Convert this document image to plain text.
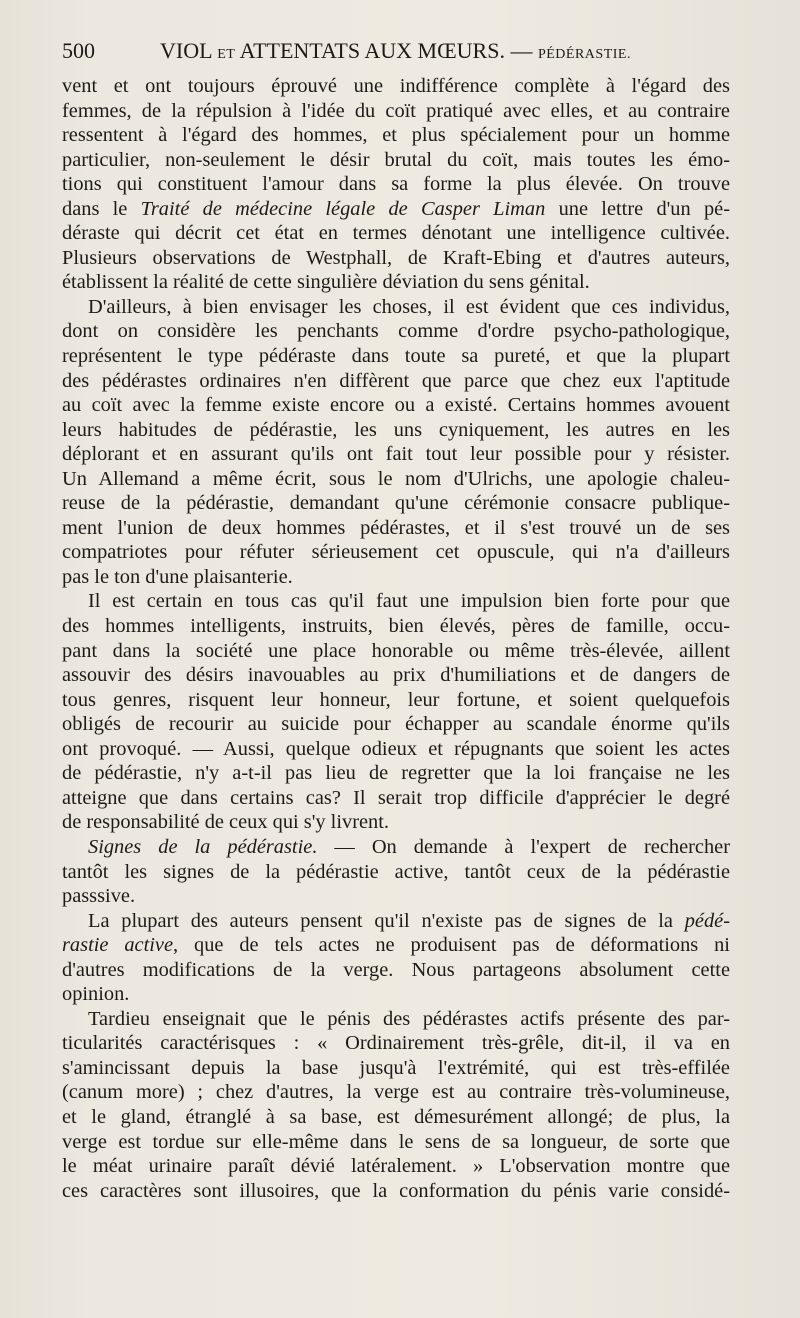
500	VIOL ET ATTENTATS AUX MŒURS. — PÉDÉRASTIE.
vent et ont toujours éprouvé une indifférence complète à l'égard des
femmes, de la répulsion à l'idée du coït pratiqué avec elles, et au contraire
ressentent à l'égard des hommes, et plus spécialement pour un homme
particulier, non-seulement le désir brutal du coït, mais toutes les émo-
tions qui constituent l'amour dans sa forme la plus élevée. On trouve
dans le Traité de médecine légale de Casper Liman une lettre d'un pé-
déraste qui décrit cet état en termes dénotant une intelligence cultivée.
Plusieurs observations de Westphall, de Kraft-Ebing et d'autres auteurs,
établissent la réalité de cette singulière déviation du sens génital.
D'ailleurs, à bien envisager les choses, il est évident que ces individus,
dont on considère les penchants comme d'ordre psycho-pathologique,
représentent le type pédéraste dans toute sa pureté, et que la plupart
des pédérastes ordinaires n'en diffèrent que parce que chez eux l'aptitude
au coït avec la femme existe encore ou a existé. Certains hommes avouent
leurs habitudes de pédérastie, les uns cyniquement, les autres en les
déplorant et en assurant qu'ils ont fait tout leur possible pour y résister.
Un Allemand a même écrit, sous le nom d'Ulrichs, une apologie chaleu-
reuse de la pédérastie, demandant qu'une cérémonie consacre publique-
ment l'union de deux hommes pédérastes, et il s'est trouvé un de ses
compatriotes pour réfuter sérieusement cet opuscule, qui n'a d'ailleurs
pas le ton d'une plaisanterie.
Il est certain en tous cas qu'il faut une impulsion bien forte pour que
des hommes intelligents, instruits, bien élevés, pères de famille, occu-
pant dans la société une place honorable ou même très-élevée, aillent
assouvir des désirs inavouables au prix d'humiliations et de dangers de
tous genres, risquent leur honneur, leur fortune, et soient quelquefois
obligés de recourir au suicide pour échapper au scandale énorme qu'ils
ont provoqué. — Aussi, quelque odieux et répugnants que soient les actes
de pédérastie, n'y a-t-il pas lieu de regretter que la loi française ne les
atteigne que dans certains cas? Il serait trop difficile d'apprécier le degré
de responsabilité de ceux qui s'y livrent.
Signes de la pédérastie. — On demande à l'expert de rechercher
tantôt les signes de la pédérastie active, tantôt ceux de la pédérastie
passsive.
La plupart des auteurs pensent qu'il n'existe pas de signes de la pédé-
rastie active, que de tels actes ne produisent pas de déformations ni
d'autres modifications de la verge. Nous partageons absolument cette
opinion.
Tardieu enseignait que le pénis des pédérastes actifs présente des par-
ticularités caractérisques : « Ordinairement très-grêle, dit-il, il va en
s'amincissant depuis la base jusqu'à l'extrémité, qui est très-effilée
(canum more) ; chez d'autres, la verge est au contraire très-volumineuse,
et le gland, étranglé à sa base, est démesurément allongé; de plus, la
verge est tordue sur elle-même dans le sens de sa longueur, de sorte que
le méat urinaire paraît dévié latéralement. » L'observation montre que
ces caractères sont illusoires, que la conformation du pénis varie considé-
